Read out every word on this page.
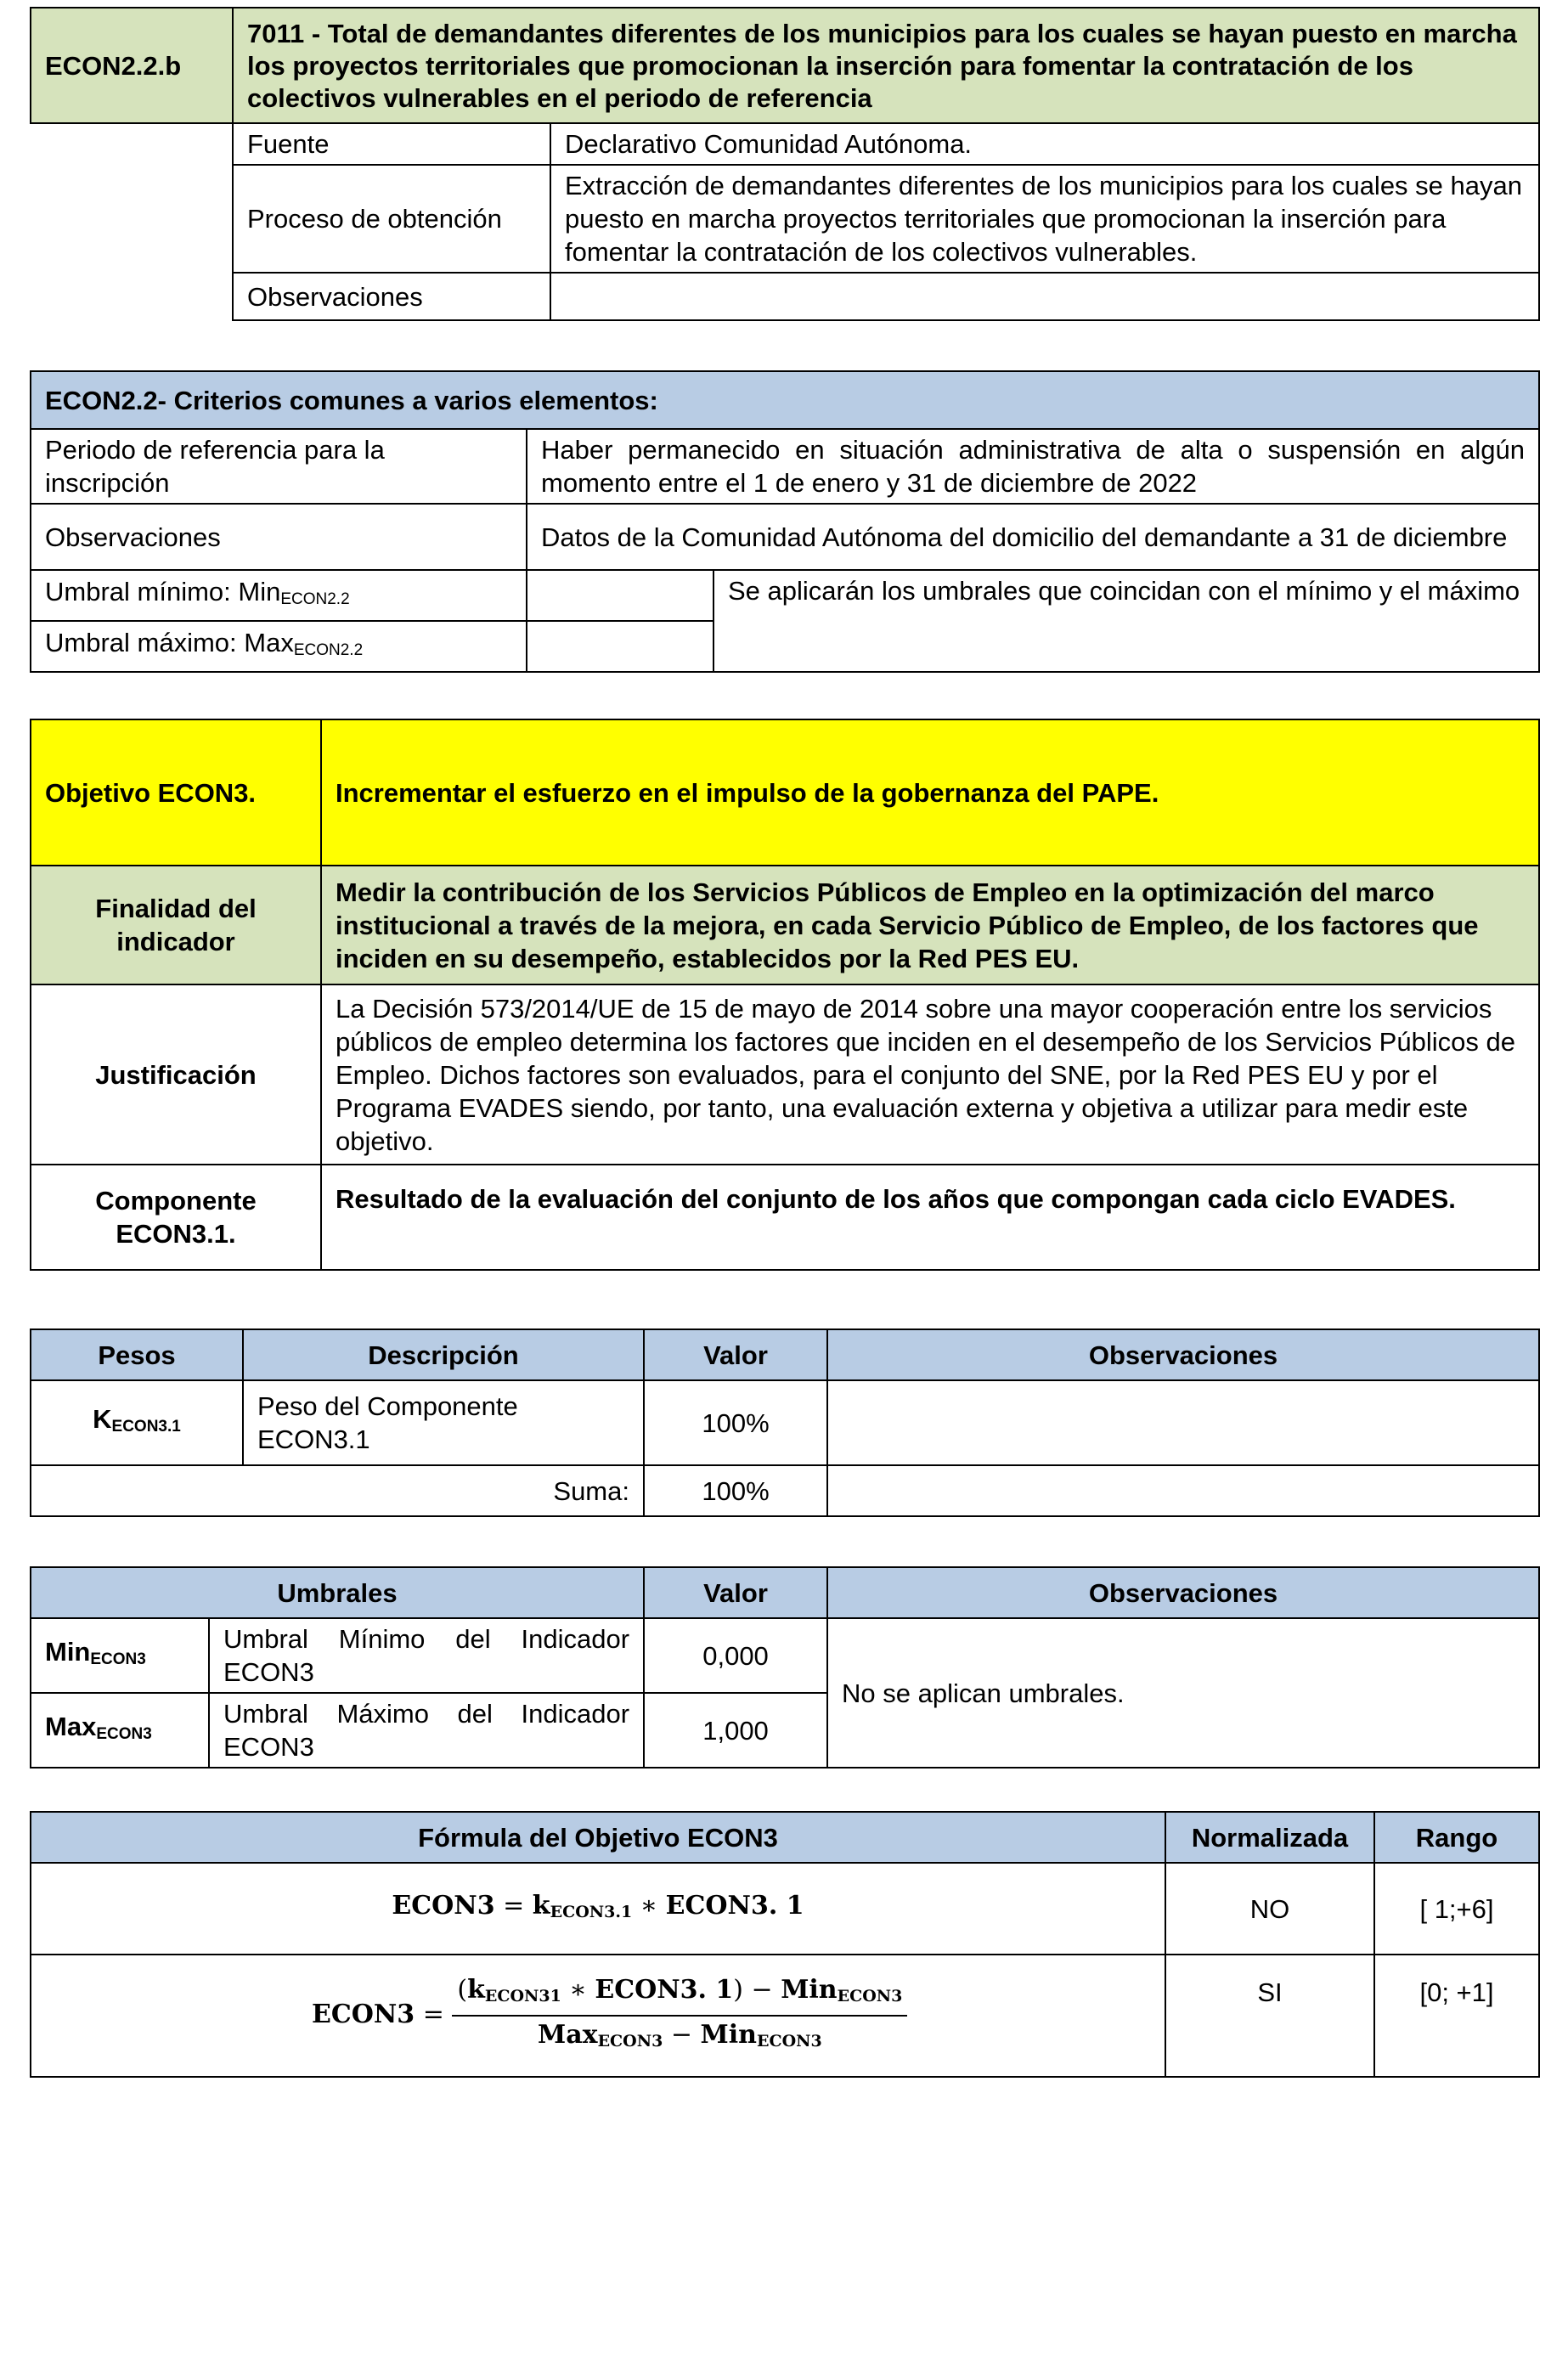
ECON2.2.b	7011 - Total de demandantes diferentes de los municipios para los cuales se hayan puesto en marcha los proyectos territoriales que promocionan la inserción para fomentar la contratación de los colectivos vulnerables en el periodo de referencia	
	Fuente	Declarativo Comunidad Autónoma.
	Proceso de obtención	Extracción de demandantes diferentes de los municipios para los cuales se hayan puesto en marcha proyectos territoriales que promocionan la inserción para fomentar la contratación de los colectivos vulnerables.
	Observaciones	
ECON2.2- Criterios comunes a varios elementos:		
Periodo de referencia para la inscripción	Haber permanecido en situación administrativa de alta o suspensión en algún momento entre el 1 de enero y 31 de diciembre de 2022	
Observaciones	Datos de la Comunidad Autónoma del domicilio del demandante a 31 de diciembre	
Umbral mínimo: Min$_{ECON2.2}$		Se aplicarán los umbrales que coincidan con el mínimo y el máximo
Umbral máximo: Max$_{ECON2.2}$	
Objetivo ECON3.	Incrementar el esfuerzo en el impulso de la gobernanza del PAPE.
Finalidad del indicador	Medir la contribución de los Servicios Públicos de Empleo en la optimización del marco institucional a través de la mejora, en cada Servicio Público de Empleo, de los factores que inciden en su desempeño, establecidos por la Red PES EU.
Justificación	La Decisión 573/2014/UE de 15 de mayo de 2014 sobre una mayor cooperación entre los servicios públicos de empleo determina los factores que inciden en el desempeño de los Servicios Públicos de Empleo. Dichos factores son evaluados, para el conjunto del SNE, por la Red PES EU y por el Programa EVADES siendo, por tanto, una evaluación externa y objetiva a utilizar para medir este objetivo.
Componente ECON3.1.	Resultado de la evaluación del conjunto de los años que compongan cada ciclo EVADES.
Pesos	Descripción	Valor	Observaciones
$K_{ECON3.1}$	Peso del Componente ECON3.1	100%	
Suma:		100%	
Umbrales		Valor	Observaciones
Min$_{ECON3}$	Umbral Mínimo del Indicador ECON3	0,000	No se aplican umbrales.
Max$_{ECON3}$	Umbral Máximo del Indicador ECON3	1,000	
Fórmula del Objetivo ECON3	Normalizada	Rango
ECON3 = $k_{ECON3.1}$ ∗ ECON3. 1	NO	[ 1;+6]
ECON3 = $\frac{(k_{ECON31} ∗ ECON3. 1) - Min_{ECON3}}{Max_{ECON3} - Min_{ECON3}}$	SI	[0; +1]
